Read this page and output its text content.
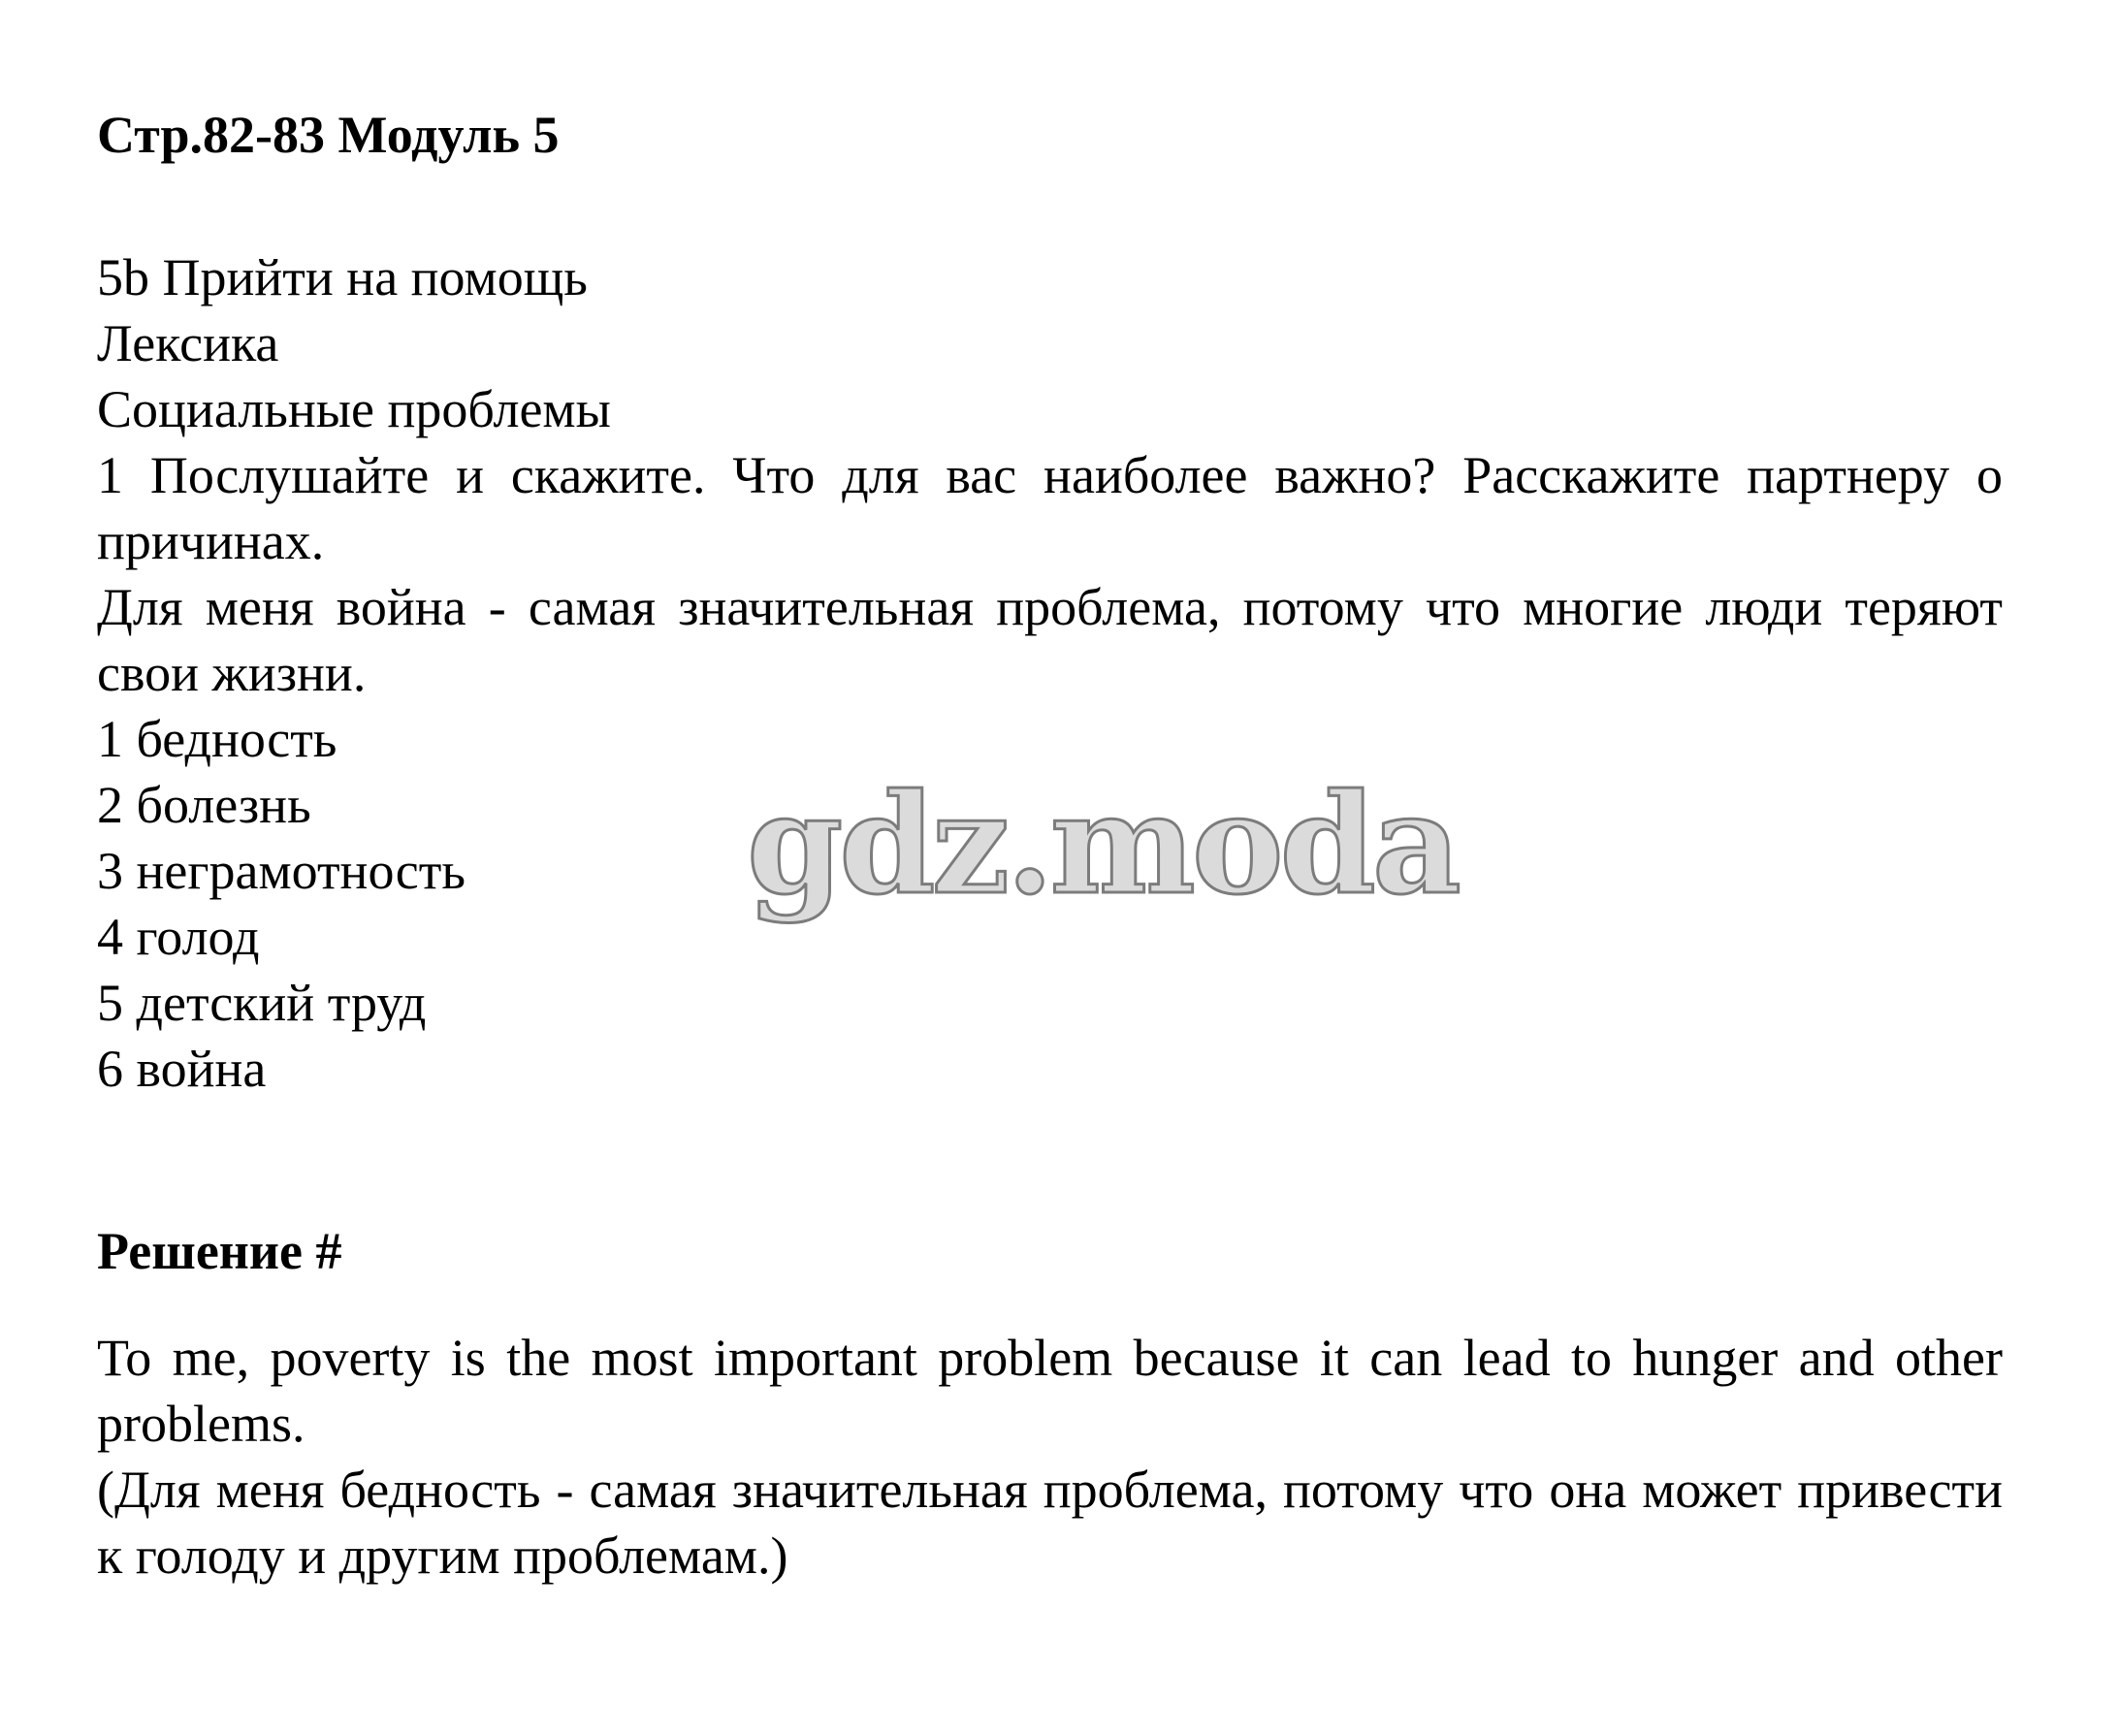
Стр.82-83 Модуль 5
5b Прийти на помощь
Лексика
Социальные проблемы
1 Послушайте и скажите. Что для вас наиболее важно? Расскажите партнеру о причинах.
Для меня война - самая значительная проблема, потому что многие люди теряют свои жизни.
1 бедность
2 болезнь
3 неграмотность
4 голод
5 детский труд
6 война
Решение #
To me, poverty is the most important problem because it can lead to hunger and other problems.
(Для меня бедность - самая значительная проблема, потому что она может привести к голоду и другим проблемам.)
gdz.moda
